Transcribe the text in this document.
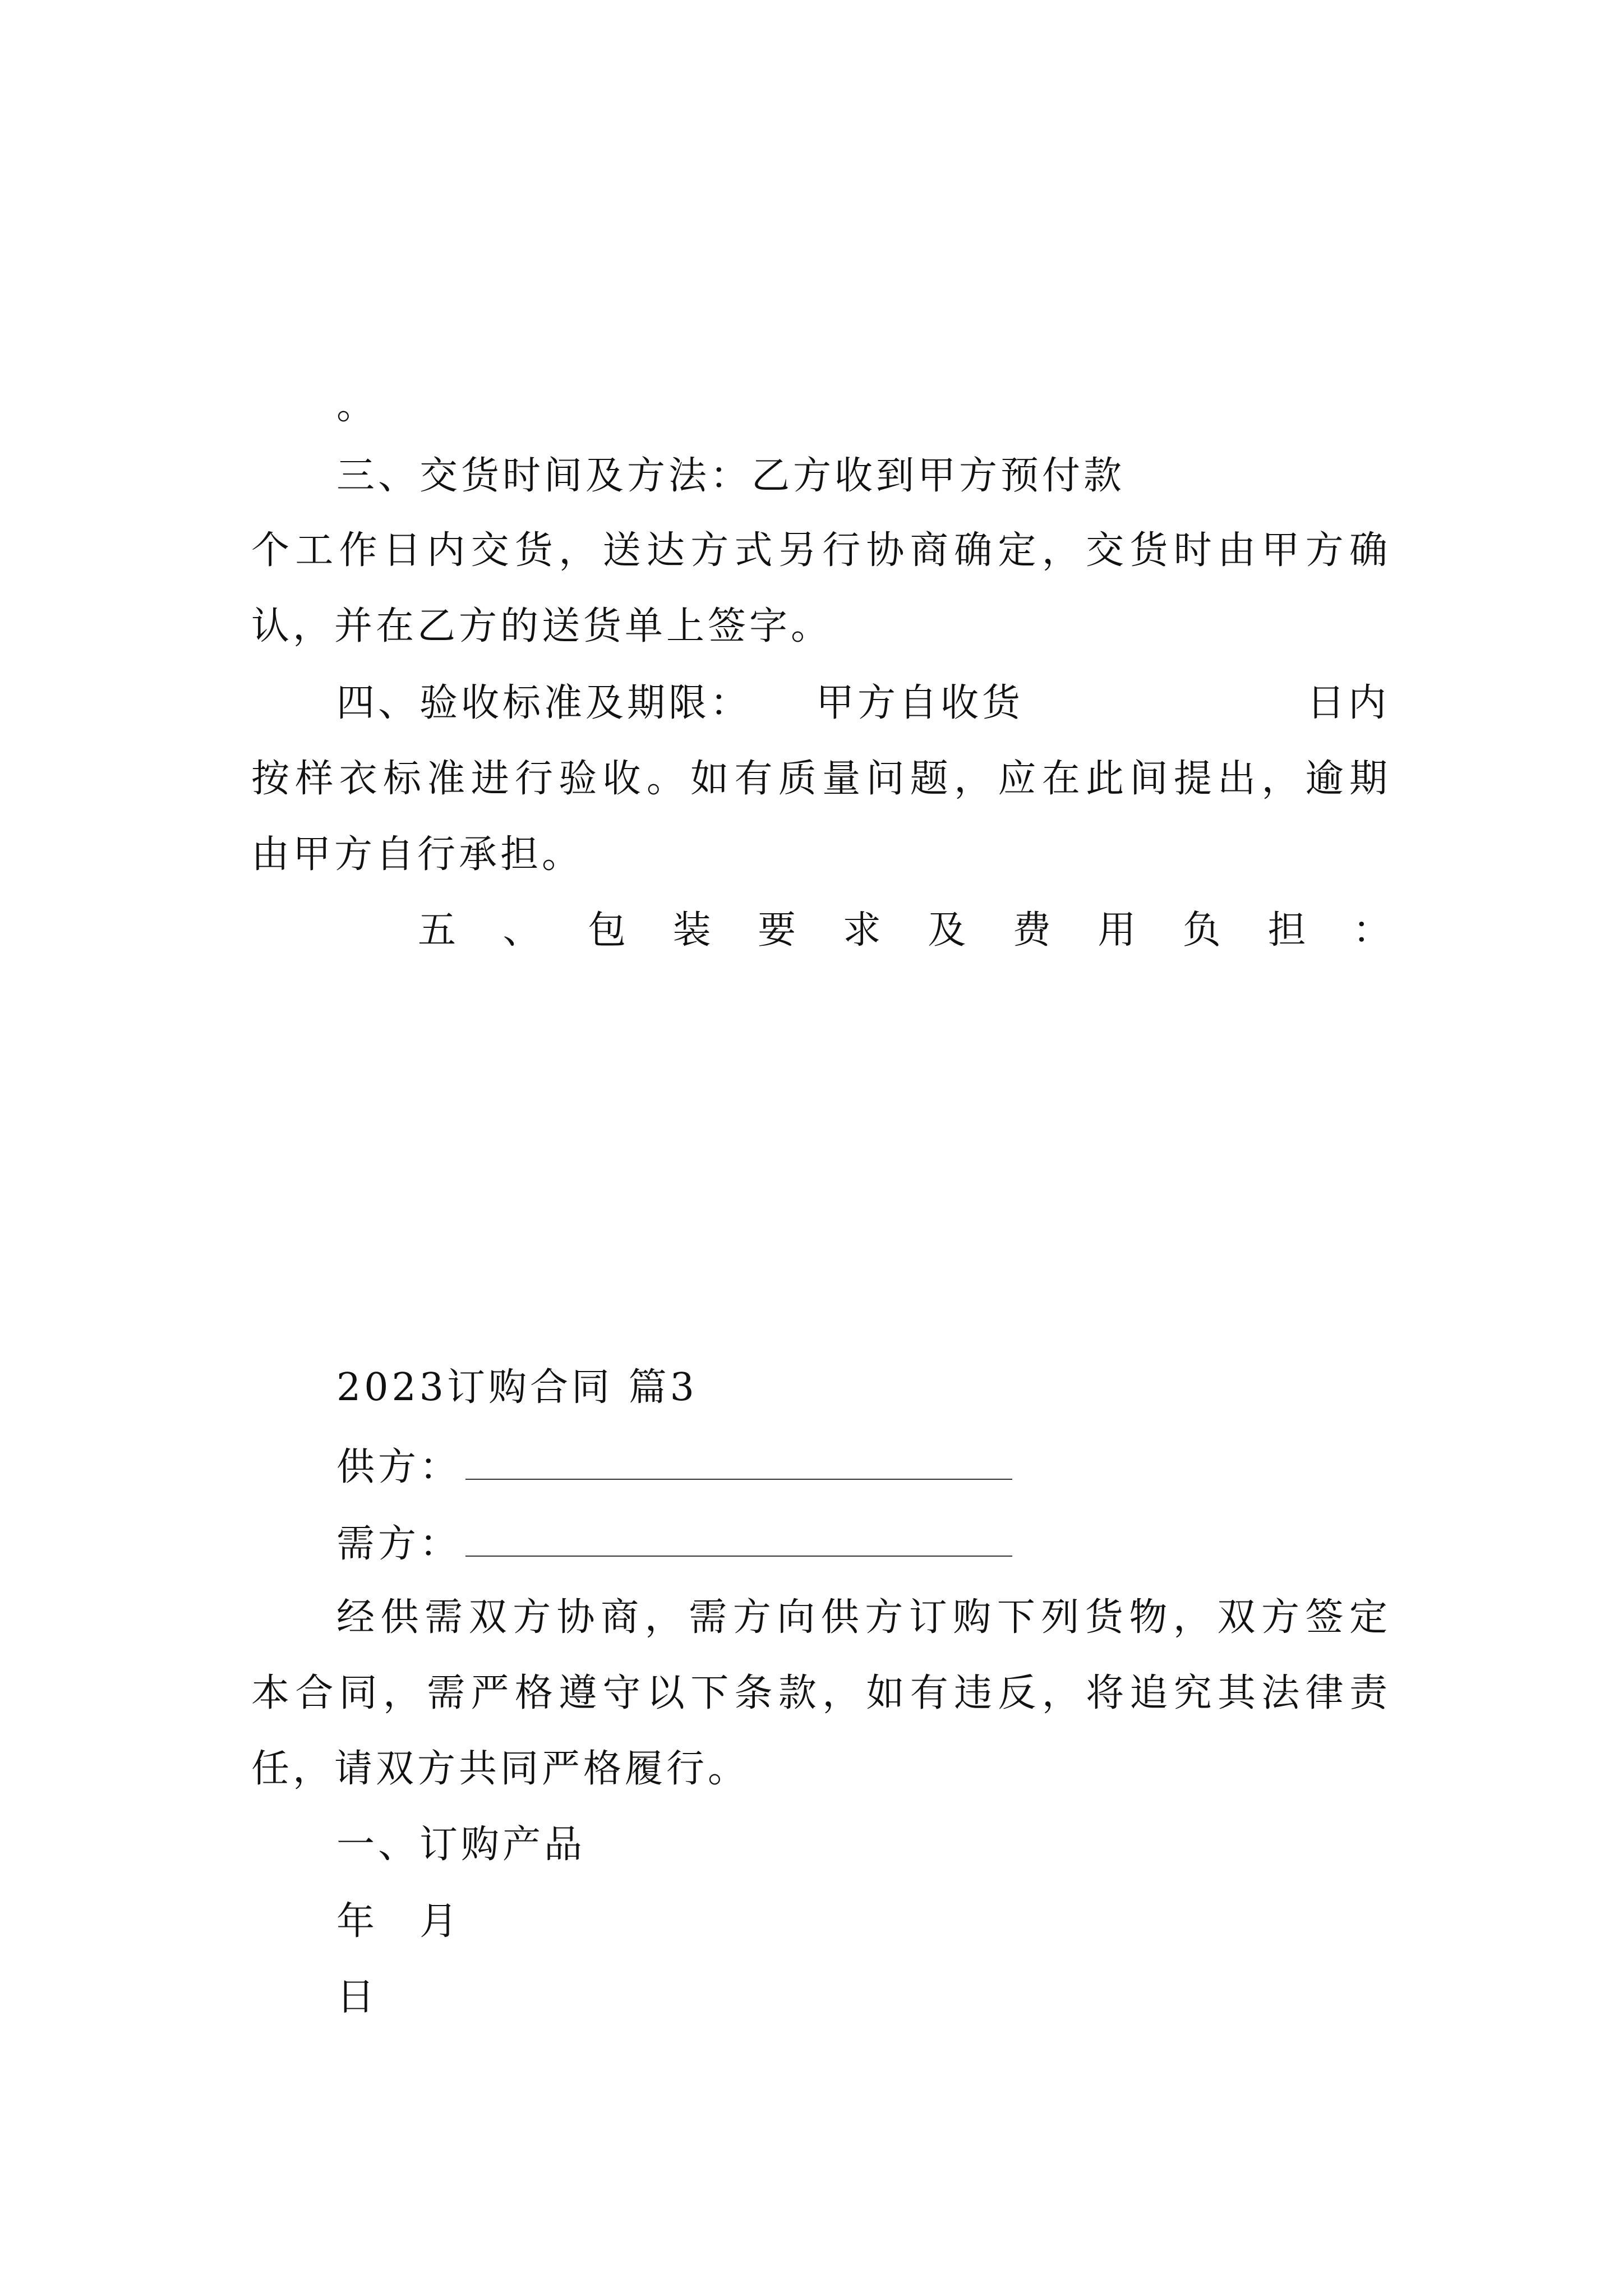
。
三、交货时间及方法：乙方收到甲方预付款
个工作日内交货，送达方式另行协商确定，交货时由甲方确
认，并在乙方的送货单上签字。
四、验收标准及期限： 甲方自收货	日内
按样衣标准进行验收。如有质量问题，应在此间提出，逾期
由甲方自行承担。
五 、 包 装 要 求 及 费 用 负 担 ：
2023订购合同 篇3
供方：
需方：
经供需双方协商，需方向供方订购下列货物，双方签定
本合同，需严格遵守以下条款，如有违反，将追究其法律责
任，请双方共同严格履行。
一、订购产品
年　月
日
